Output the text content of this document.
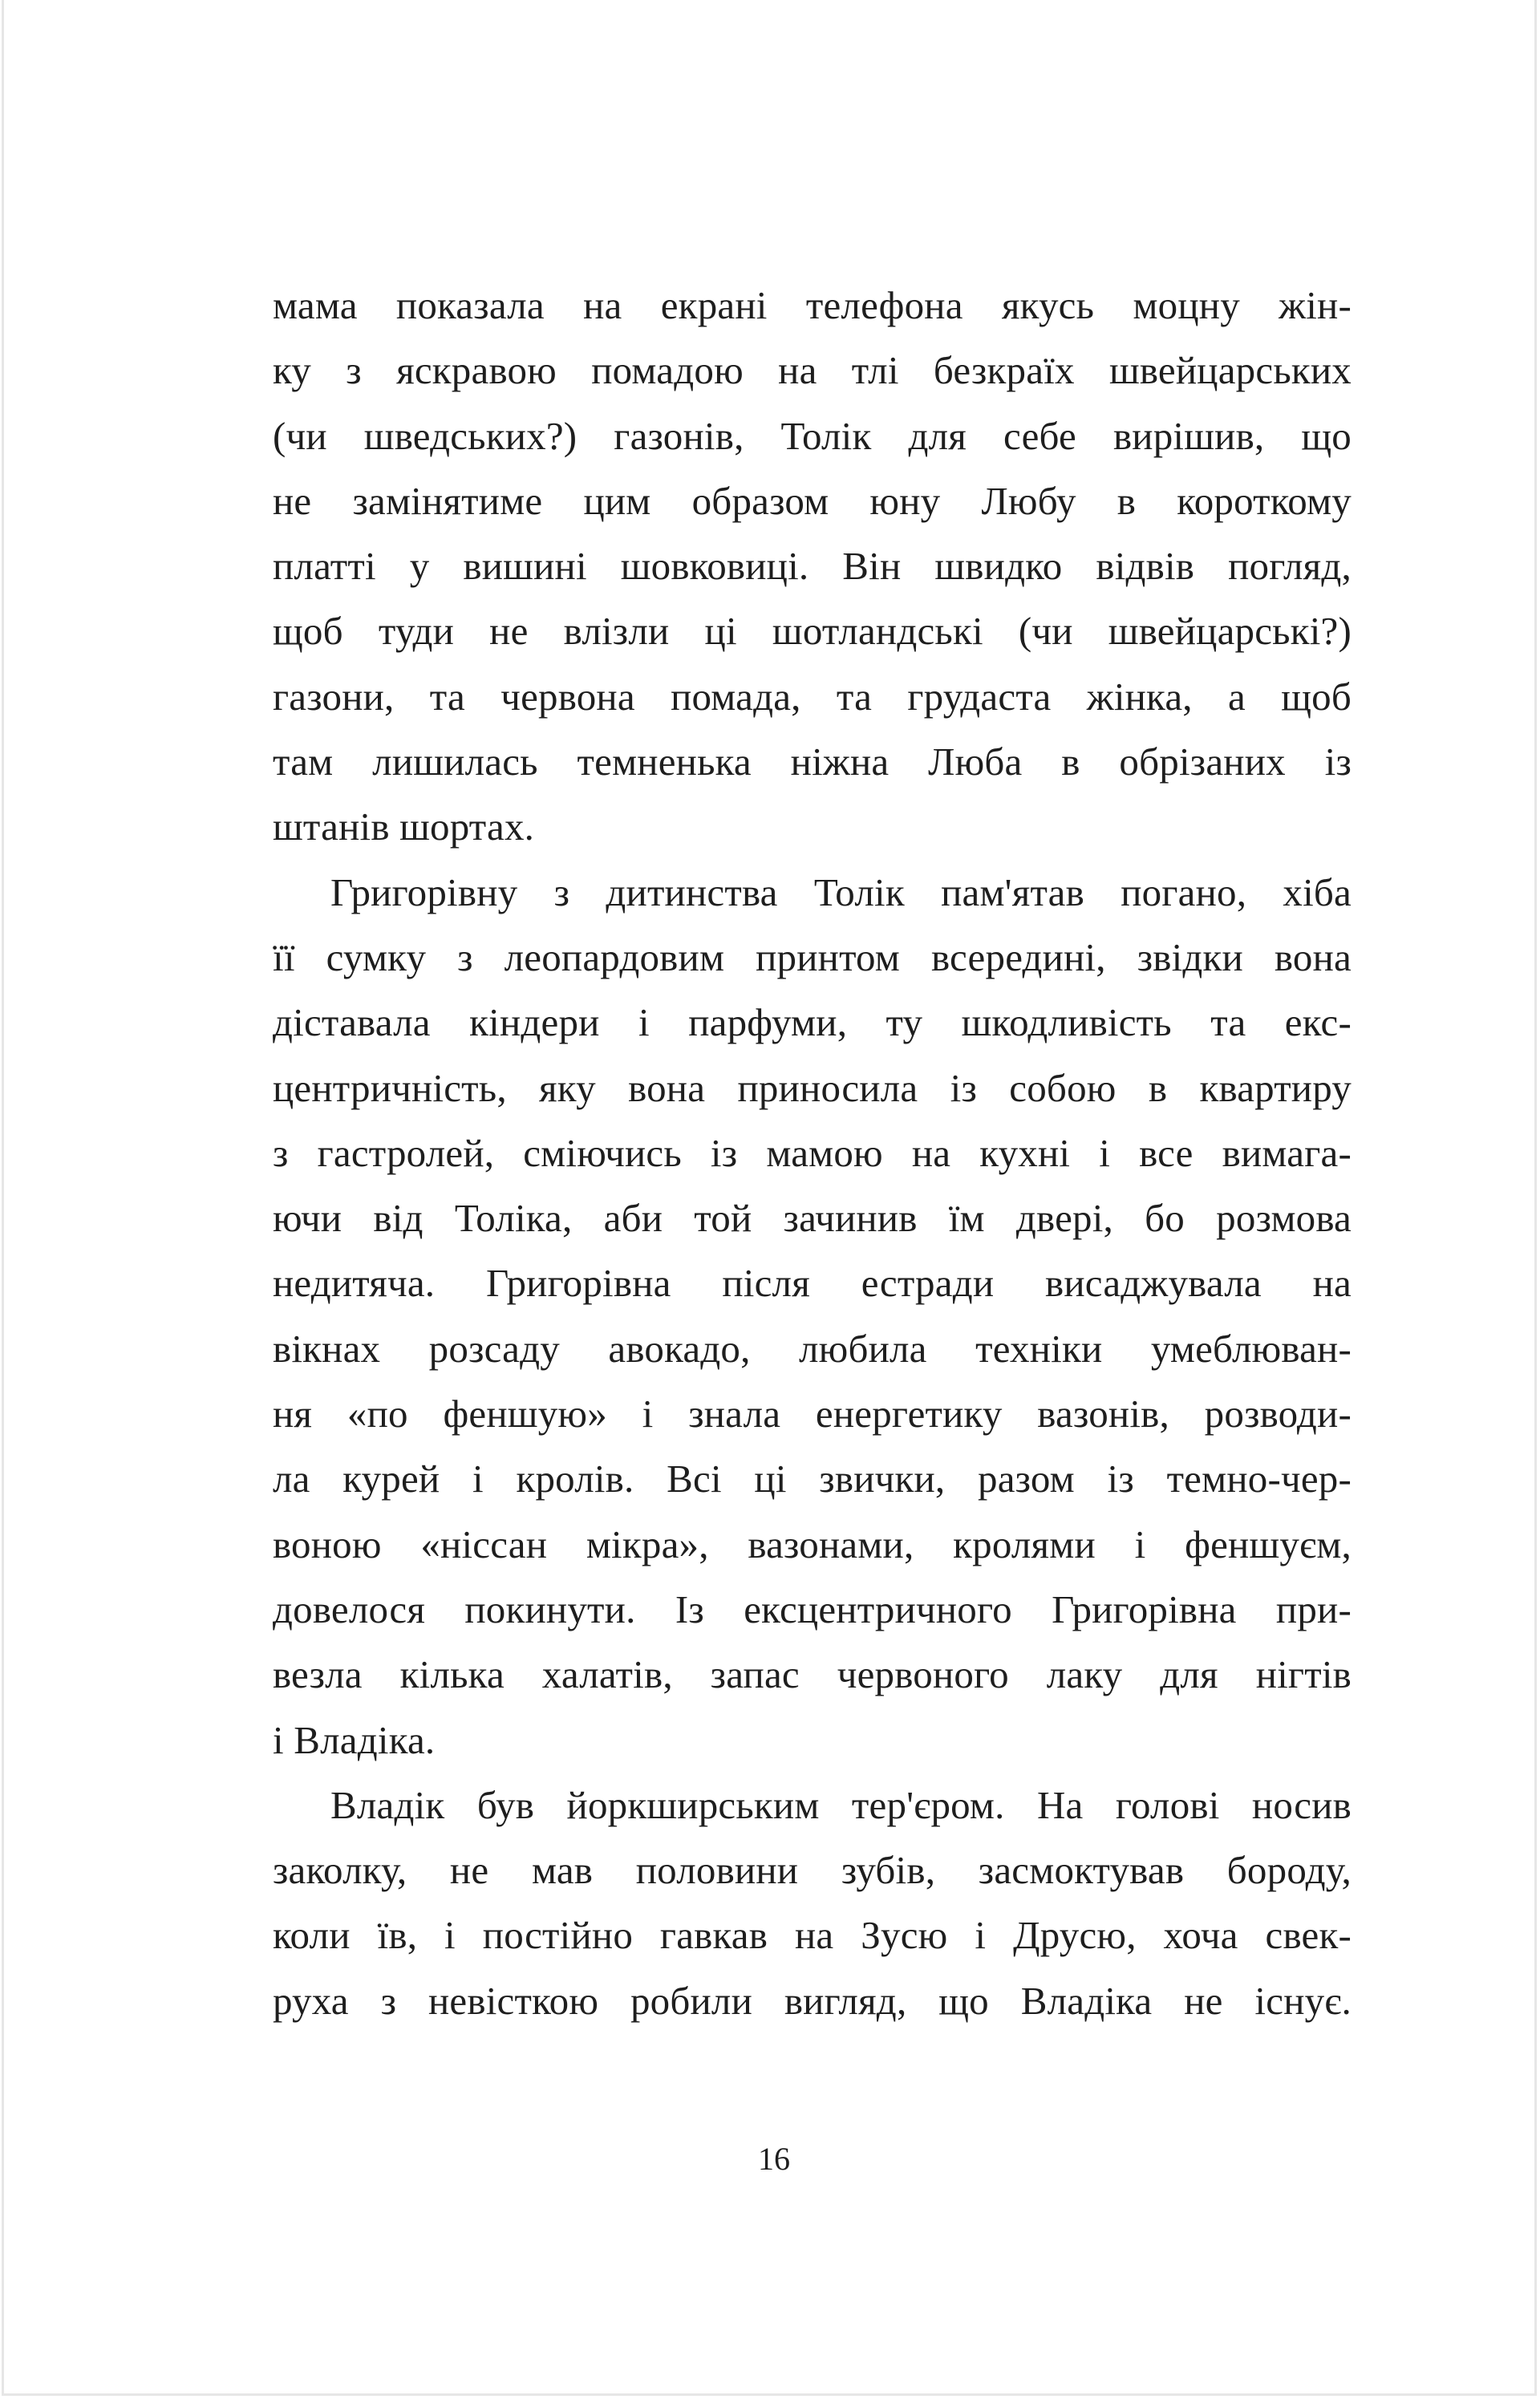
мама показала на екрані телефона якусь моцну жін-
ку з яскравою помадою на тлі безкраїх швейцарських
(чи шведських?) газонів, Толік для себе вирішив, що
не замінятиме цим образом юну Любу в короткому
платті у вишині шовковиці. Він швидко відвів погляд,
щоб туди не влізли ці шотландські (чи швейцарські?)
газони, та червона помада, та грудаста жінка, а щоб
там лишилась темненька ніжна Люба в обрізаних із
штанів шортах.
Григорівну з дитинства Толік пам'ятав погано, хіба
її сумку з леопардовим принтом всередині, звідки вона
діставала кіндери і парфуми, ту шкодливість та екс-
центричність, яку вона приносила із собою в квартиру
з гастролей, сміючись із мамою на кухні і все вимага-
ючи від Толіка, аби той зачинив їм двері, бо розмова
недитяча. Григорівна після естради висаджувала на
вікнах розсаду авокадо, любила техніки умеблюван-
ня «по феншую» і знала енергетику вазонів, розводи-
ла курей і кролів. Всі ці звички, разом із темно-чер-
воною «ніссан мікра», вазонами, кролями і феншуєм,
довелося покинути. Із ексцентричного Григорівна при-
везла кілька халатів, запас червоного лаку для нігтів
і Владіка.
Владік був йоркширським тер'єром. На голові носив
заколку, не мав половини зубів, засмоктував бороду,
коли їв, і постійно гавкав на Зусю і Друсю, хоча свек-
руха з невісткою робили вигляд, що Владіка не існує.
16
